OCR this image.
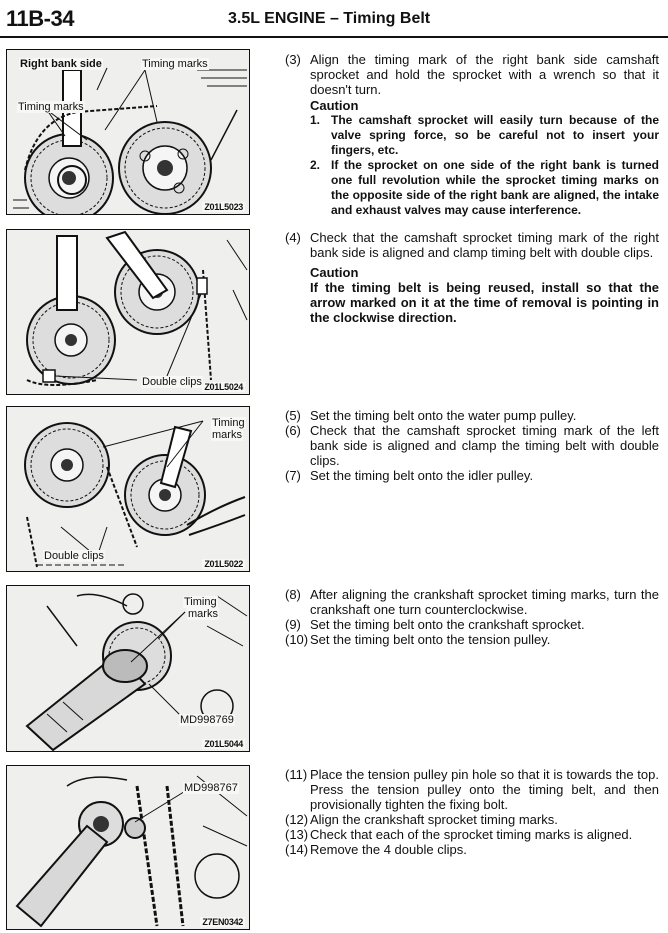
11B-34	3.5L ENGINE – Timing Belt
Right bank side	Timing marks
Timing marks
Z01L5023
Double clips Z01L5024
Timing
marks
Double clips
Z01L5022
Timing
marks
MD998769
Z01L5044
MD998767
Z7EN0342

(3) Align the timing mark of the right bank side camshaft sprocket and hold the sprocket with a wrench so that it doesn't turn.

Caution
1. The camshaft sprocket will easily turn because of the valve spring force, so be careful not to insert your fingers, etc.
2. If the sprocket on one side of the right bank is turned one full revolution while the sprocket timing marks on the opposite side of the right bank are aligned, the intake and exhaust valves may cause interference.

(4) Check that the camshaft sprocket timing mark of the right bank side is aligned and clamp timing belt with double clips.

Caution
If the timing belt is being reused, install so that the arrow marked on it at the time of removal is pointing in the clockwise direction.

(5) Set the timing belt onto the water pump pulley.

(6) Check that the camshaft sprocket timing mark of the left bank side is aligned and clamp the timing belt with double clips.

(7) Set the timing belt onto the idler pulley.

(8) After aligning the crankshaft sprocket timing marks, turn the crankshaft one turn counterclockwise.

(9) Set the timing belt onto the crankshaft sprocket.

(10) Set the timing belt onto the tension pulley.

(11) Place the tension pulley pin hole so that it is towards the top. Press the tension pulley onto the timing belt, and then provisionally tighten the fixing bolt.

(12) Align the crankshaft sprocket timing marks.

(13) Check that each of the sprocket timing marks is aligned.

(14) Remove the 4 double clips.
